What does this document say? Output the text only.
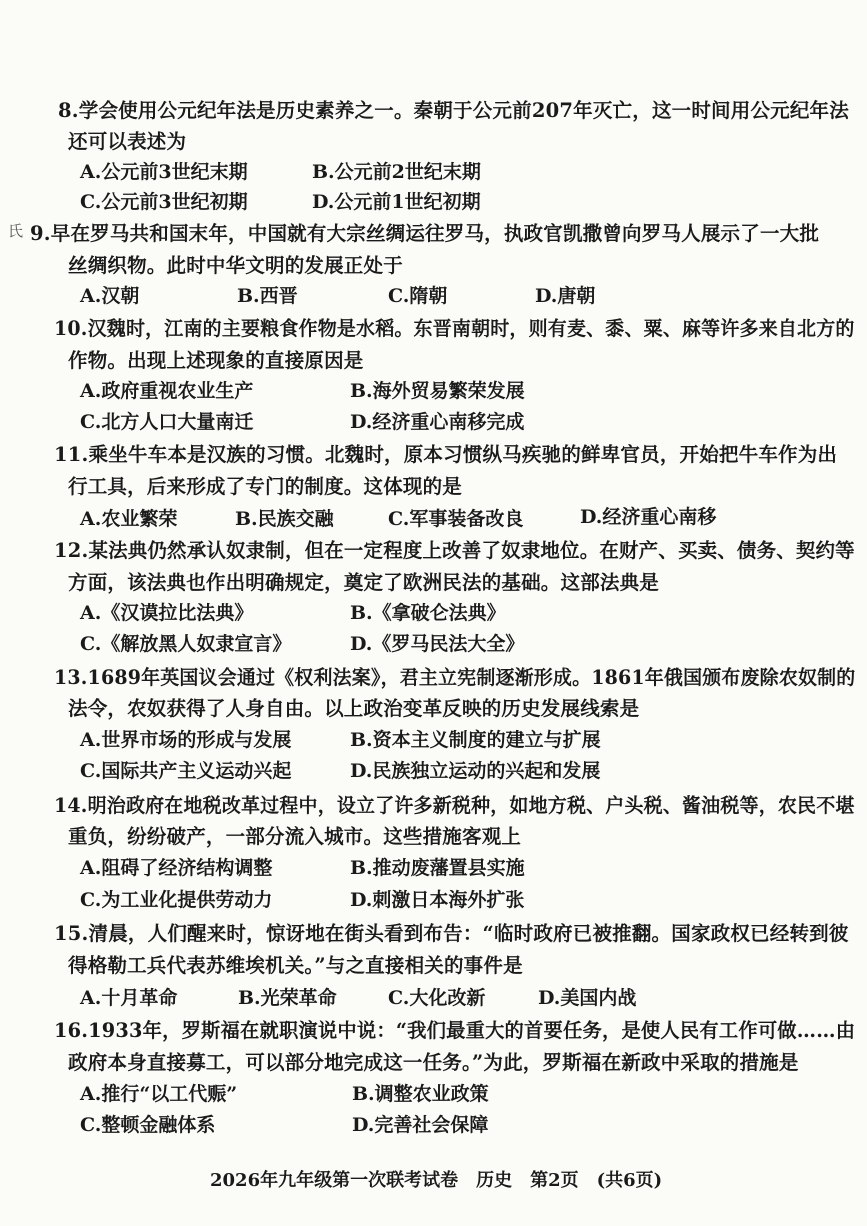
8.学会使用公元纪年法是历史素养之一。秦朝于公元前207年灭亡，这一时间用公元纪年法
还可以表述为
A.公元前3世纪末期	B.公元前2世纪末期
C.公元前3世纪初期	D.公元前1世纪初期
氏 9.早在罗马共和国末年，中国就有大宗丝绸运往罗马，执政官凯撒曾向罗马人展示了一大批
丝绸织物。此时中华文明的发展正处于
A.汉朝	B.西晋	C.隋朝	D.唐朝
10.汉魏时，江南的主要粮食作物是水稻。东晋南朝时，则有麦、黍、粟、麻等许多来自北方的
作物。出现上述现象的直接原因是
A.政府重视农业生产	B.海外贸易繁荣发展
C.北方人口大量南迁	D.经济重心南移完成
11.乘坐牛车本是汉族的习惯。北魏时，原本习惯纵马疾驰的鲜卑官员，开始把牛车作为出
行工具，后来形成了专门的制度。这体现的是
A.农业繁荣	B.民族交融	C.军事装备改良	D.经济重心南移
12.某法典仍然承认奴隶制，但在一定程度上改善了奴隶地位。在财产、买卖、债务、契约等
方面，该法典也作出明确规定，奠定了欧洲民法的基础。这部法典是
A.《汉谟拉比法典》	B.《拿破仑法典》
C.《解放黑人奴隶宣言》	D.《罗马民法大全》
13.1689年英国议会通过《权利法案》，君主立宪制逐渐形成。1861年俄国颁布废除农奴制的
法令，农奴获得了人身自由。以上政治变革反映的历史发展线索是
A.世界市场的形成与发展	B.资本主义制度的建立与扩展
C.国际共产主义运动兴起	D.民族独立运动的兴起和发展
14.明治政府在地税改革过程中，设立了许多新税种，如地方税、户头税、酱油税等，农民不堪
重负，纷纷破产，一部分流入城市。这些措施客观上
A.阻碍了经济结构调整	B.推动废藩置县实施
C.为工业化提供劳动力	D.刺激日本海外扩张
15.清晨，人们醒来时，惊讶地在街头看到布告：“临时政府已被推翻。国家政权已经转到彼
得格勒工兵代表苏维埃机关。”与之直接相关的事件是
A.十月革命	B.光荣革命	C.大化改新	D.美国内战
16.1933年，罗斯福在就职演说中说：“我们最重大的首要任务，是使人民有工作可做……由
政府本身直接募工，可以部分地完成这一任务。”为此，罗斯福在新政中采取的措施是
A.推行“以工代赈”	B.调整农业政策
C.整顿金融体系	D.完善社会保障
2026年九年级第一次联考试卷　历史　第2页　(共6页)
